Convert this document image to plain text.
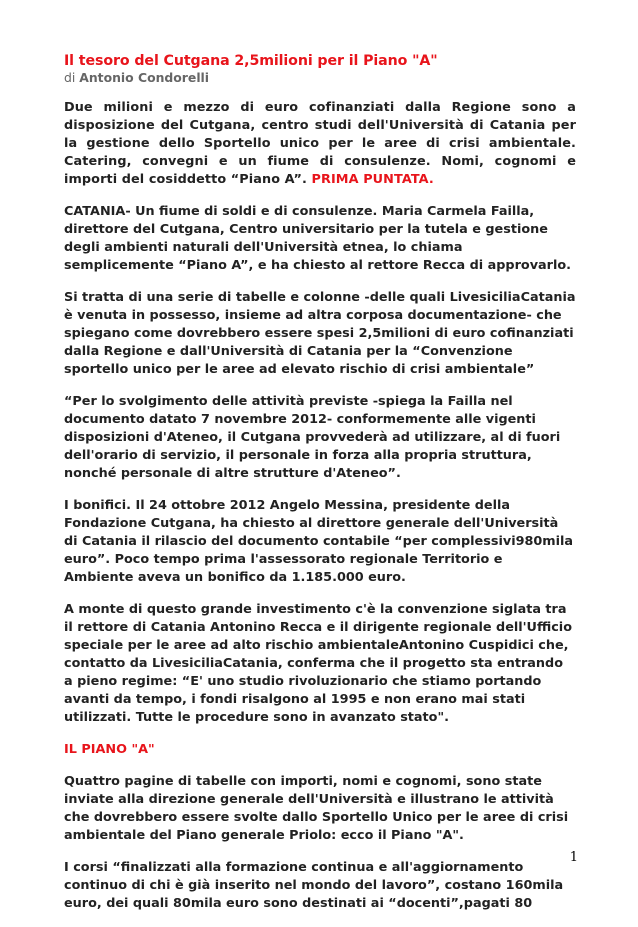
Il tesoro del Cutgana 2,5milioni per il Piano "A"
di Antonio Condorelli

Due milioni e mezzo di euro cofinanziati dalla Regione sono a disposizione del Cutgana, centro studi dell'Università di Catania per la gestione dello Sportello unico per le aree di crisi ambientale. Catering, convegni e un fiume di consulenze. Nomi, cognomi e importi del cosiddetto “Piano A”. PRIMA PUNTATA.

CATANIA- Un fiume di soldi e di consulenze. Maria Carmela Failla, direttore del Cutgana, Centro universitario per la tutela e gestione degli ambienti naturali dell'Università etnea, lo chiama semplicemente “Piano A”, e ha chiesto al rettore Recca di approvarlo.

Si tratta di una serie di tabelle e colonne -delle quali LivesiciliaCatania è venuta in possesso, insieme ad altra corposa documentazione- che spiegano come dovrebbero essere spesi 2,5milioni di euro cofinanziati dalla Regione e dall'Università di Catania per la “Convenzione sportello unico per le aree ad elevato rischio di crisi ambientale”

“Per lo svolgimento delle attività previste -spiega la Failla nel documento datato 7 novembre 2012- conformemente alle vigenti disposizioni d'Ateneo, il Cutgana provvederà ad utilizzare, al di fuori dell'orario di servizio, il personale in forza alla propria struttura, nonché personale di altre strutture d'Ateneo”.

I bonifici. Il 24 ottobre 2012 Angelo Messina, presidente della Fondazione Cutgana, ha chiesto al direttore generale dell'Università di Catania il rilascio del documento contabile “per complessivi980mila euro”. Poco tempo prima l'assessorato regionale Territorio e Ambiente aveva un bonifico da 1.185.000 euro.

A monte di questo grande investimento c'è la convenzione siglata tra il rettore di Catania Antonino Recca e il dirigente regionale dell'Ufficio speciale per le aree ad alto rischio ambientaleAntonino Cuspidici che, contatto da LivesiciliaCatania, conferma che il progetto sta entrando a pieno regime: “E' uno studio rivoluzionario che stiamo portando avanti da tempo, i fondi risalgono al 1995 e non erano mai stati utilizzati. Tutte le procedure sono in avanzato stato".

IL PIANO "A"

Quattro pagine di tabelle con importi, nomi e cognomi, sono state inviate alla direzione generale dell'Università e illustrano le attività che dovrebbero essere svolte dallo Sportello Unico per le aree di crisi ambientale del Piano generale Priolo: ecco il Piano "A".

I corsi “finalizzati alla formazione continua e all'aggiornamento continuo di chi è già inserito nel mondo del lavoro”, costano 160mila euro, dei quali 80mila euro sono destinati ai “docenti”,pagati 80

1
